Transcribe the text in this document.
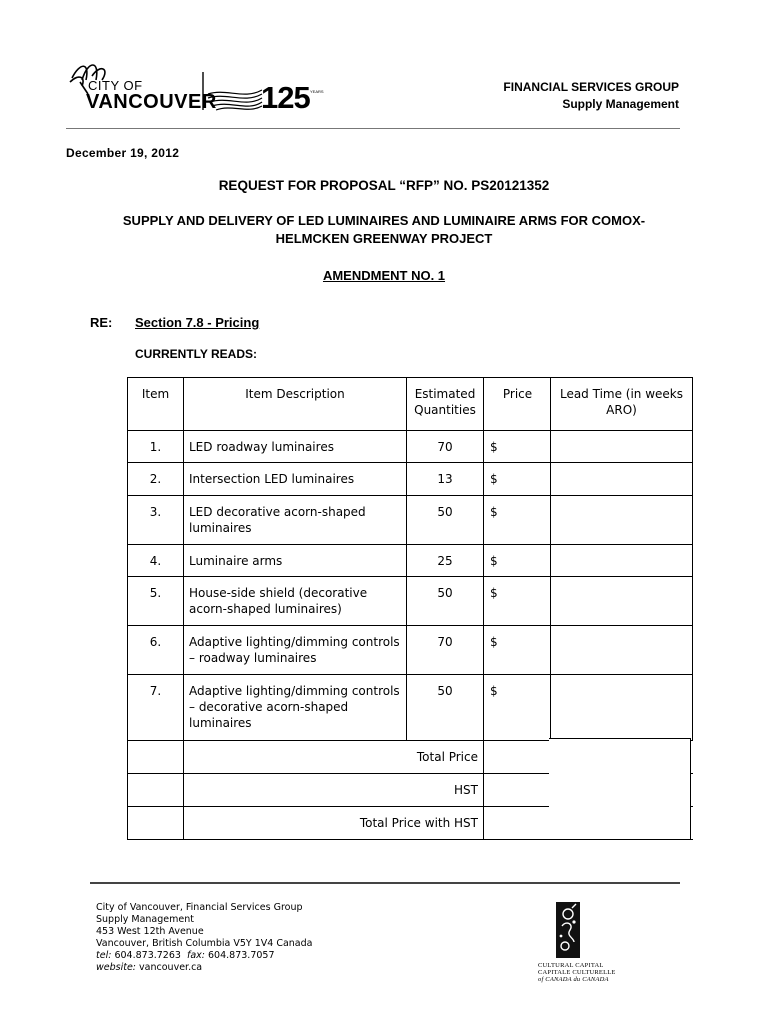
CITY OF
VANCOUVER 125 YEARS	FINANCIAL SERVICES GROUP
Supply Management
December 19, 2012
REQUEST FOR PROPOSAL “RFP” NO. PS20121352
SUPPLY AND DELIVERY OF LED LUMINAIRES AND LUMINAIRE ARMS FOR COMOX-
HELMCKEN GREENWAY PROJECT
AMENDMENT NO. 1
RE: Section 7.8 - Pricing
CURRENTLY READS:
Item	Item Description	Estimated Quantities	Price	Lead Time (in weeks ARO)

1.	LED roadway luminaires	70	$	

2.	Intersection LED luminaires	13	$	

3.	LED decorative acorn-shaped luminaires	50	$	

4.	Luminaire arms	25	$	

5.	House-side shield (decorative acorn-shaped luminaires)	50	$	

6.	Adaptive lighting/dimming controls – roadway luminaires	70	$	

7.	Adaptive lighting/dimming controls – decorative acorn-shaped luminaires	50	$	

	Total Price			

	HST			

	Total Price with HST			

City of Vancouver, Financial Services Group
Supply Management
453 West 12th Avenue
Vancouver, British Columbia V5Y 1V4 Canada
tel: 604.873.7263 fax: 604.873.7057
website: vancouver.ca	CULTURAL CAPITAL
CAPITALE CULTURELLE
of CANADA du CANADA
